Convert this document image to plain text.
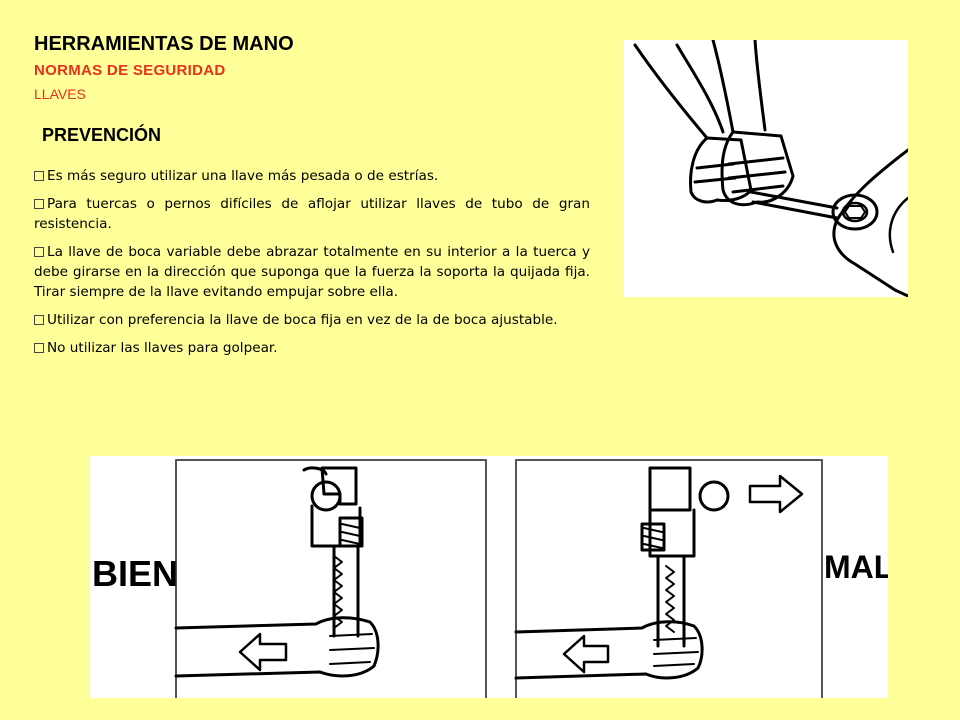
HERRAMIENTAS DE MANO
NORMAS DE SEGURIDAD
LLAVES
PREVENCIÓN
Es más seguro utilizar una llave más pesada o de estrías.
Para tuercas o pernos difíciles de aflojar utilizar llaves de tubo de gran resistencia.
La llave de boca variable debe abrazar totalmente en su interior a la tuerca y debe girarse en la dirección que suponga que la fuerza la soporta la quijada fija. Tirar siempre de la llave evitando empujar sobre ella.
Utilizar con preferencia la llave de boca fija en vez de la de boca ajustable.
No utilizar las llaves para golpear.
BIEN	MAL
